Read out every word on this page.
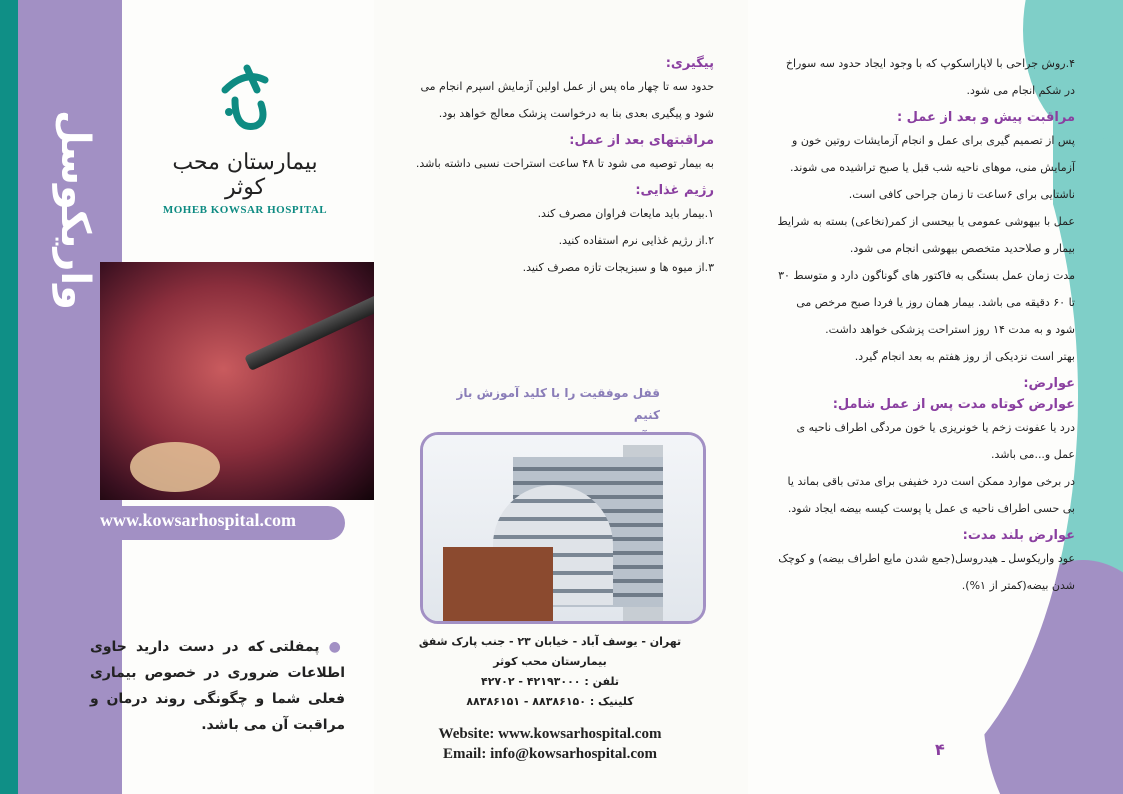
واریکوسل	بیمارستان محب کوثر
MOHEB KOWSAR HOSPITAL
www.kowsarhospital.com
● پمفلتی که در دست دارید حاوی اطلاعات ضروری در خصوص بیماری فعلی شما و چگونگی روند درمان و مراقبت آن می باشد.
پیگیری:

حدود سه تا چهار ماه پس از عمل اولین آزمایش اسپرم انجام می شود و پیگیری بعدی بنا به درخواست پزشک معالج خواهد بود.

مراقبتهای بعد از عمل:

به بیمار توصیه می شود تا ۴۸ ساعت استراحت نسبی داشته باشد.

رژیم غذایی:

۱.بیمار باید مایعات فراوان مصرف کند.

۲.از رژیم غذایی نرم استفاده کنید.

۳.از میوه ها و سبزیجات تازه مصرف کنید.

قفل موفقیت را با کلید آموزش باز کنیم
تهران - یوسف آباد - خیابان ۲۳ - جنب پارک شفق
بیمارستان محب کوثر
تلفن : ۴۲۱۹۳۰۰۰ - ۴۲۷۰۲
کلینیک : ۸۸۳۸۶۱۵۰ - ۸۸۳۸۶۱۵۱
Website: www.kowsarhospital.com
Email: info@kowsarhospital.com

۴.روش جراحی با لاپاراسکوپ که با وجود ایجاد حدود سه سوراخ در شکم انجام می شود.

مراقبت پیش و بعد از عمل :

پس از تصمیم گیری برای عمل و انجام آزمایشات روتین خون و آزمایش منی، موهای ناحیه شب قبل یا صبح تراشیده می شوند.

ناشتایی برای ۶ساعت تا زمان جراحی کافی است.

عمل با بیهوشی عمومی یا بیحسی از کمر(نخاعی) بسته به شرایط بیمار و صلاحدید متخصص بیهوشی انجام می شود.

مدت زمان عمل بستگی به فاکتور های گوناگون دارد و متوسط ۳۰ تا ۶۰ دقیقه می باشد. بیمار همان روز یا فردا صبح مرخص می شود و به مدت ۱۴ روز استراحت پزشکی خواهد داشت.

بهتر است نزدیکی از روز هفتم به بعد انجام گیرد.

عوارض:
عوارض کوتاه مدت پس از عمل شامل:

درد یا عفونت زخم یا خونریزی یا خون مردگی اطراف ناحیه ی عمل و...می باشد.

در برخی موارد ممکن است درد خفیفی برای مدتی باقی بماند یا بی حسی اطراف ناحیه ی عمل یا پوست کیسه بیضه ایجاد شود.

عوارض بلند مدت:

عود واریکوسل ـ هیدروسل(جمع شدن مایع اطراف بیضه) و کوچک شدن بیضه(کمتر از ۱%).

۴
